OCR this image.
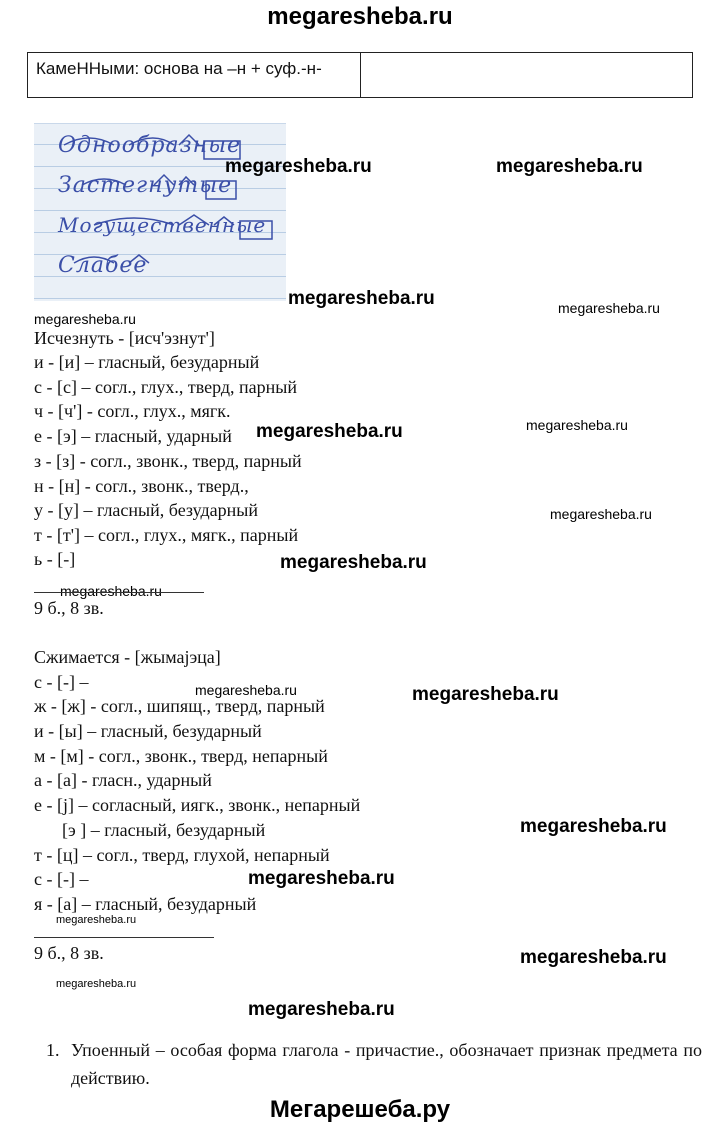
megaresheba.ru
КамеННыми: основа на –н + суф.-н-
Однообразные
Застегнутые
Могущественные
Слабее
megaresheba.ru	megaresheba.ru
megaresheba.ru	megaresheba.ru
megaresheba.ru
megaresheba.ru	megaresheba.ru
megaresheba.ru
megaresheba.ru
megaresheba.ru
megaresheba.ru	megaresheba.ru
megaresheba.ru
megaresheba.ru
megaresheba.ru
megaresheba.ru
megaresheba.ru
megaresheba.ru
Исчезнуть - [исч'эзнут']
и - [и] – гласный, безударный
с - [с] – согл., глух., тверд, парный
ч - [ч'] - согл., глух., мягк.
е - [э] – гласный, ударный
з - [з] - согл., звонк., тверд, парный
н - [н] - согл., звонк., тверд.,
у - [у] – гласный, безударный
т - [т'] – согл., глух., мягк., парный
ь - [-]
9 б., 8 зв.
Сжимается - [жымајэца]
с - [-] –
ж - [ж] - согл., шипящ., тверд, парный
и - [ы] – гласный, безударный
м - [м] - согл., звонк., тверд, непарный
а - [а] - гласн., ударный
е - [j] – согласный, иягк., звонк., непарный
[э ] – гласный, безударный
т - [ц] – согл., тверд, глухой, непарный
с - [-] –
я - [а] – гласный, безударный
9 б., 8 зв.
1. Упоенный – особая форма глагола - причастие., обозначает признак предмета по действию.
Мегарешеба.ру
